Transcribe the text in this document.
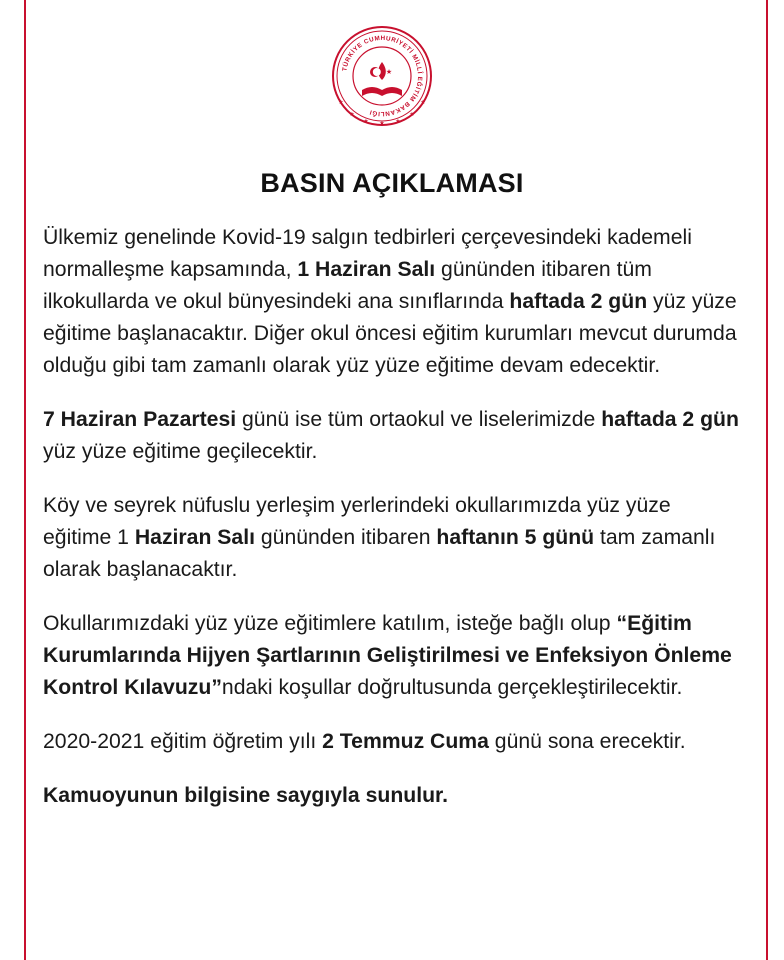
TÜRKİYE CUMHURİYETİ MİLLÎ EĞİTİM BAKANLIĞI
★
★	★
★	★
★	★
★
BASIN AÇIKLAMASI

Ülkemiz genelinde Kovid-19 salgın tedbirleri çerçevesindeki kademeli normalleşme kapsamında, 1 Haziran Salı gününden itibaren tüm ilkokullarda ve okul bünyesindeki ana sınıflarında haftada 2 gün yüz yüze eğitime başlanacaktır. Diğer okul öncesi eğitim kurumları mevcut durumda olduğu gibi tam zamanlı olarak yüz yüze eğitime devam edecektir.

7 Haziran Pazartesi günü ise tüm ortaokul ve liselerimizde haftada 2 gün yüz yüze eğitime geçilecektir.

Köy ve seyrek nüfuslu yerleşim yerlerindeki okullarımızda yüz yüze eğitime 1 Haziran Salı gününden itibaren haftanın 5 günü tam zamanlı olarak başlanacaktır.

Okullarımızdaki yüz yüze eğitimlere katılım, isteğe bağlı olup “Eğitim Kurumlarında Hijyen Şartlarının Geliştirilmesi ve Enfeksiyon Önleme Kontrol Kılavuzu”ndaki koşullar doğrultusunda gerçekleştirilecektir.

2020-2021 eğitim öğretim yılı 2 Temmuz Cuma günü sona erecektir.

Kamuoyunun bilgisine saygıyla sunulur.
